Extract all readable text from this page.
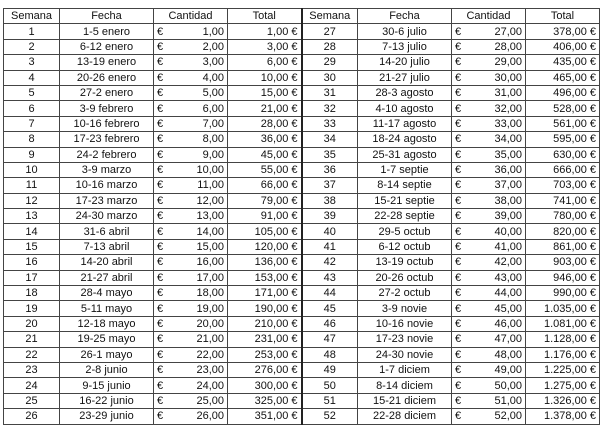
Semana	Fecha	Cantidad	Total	Semana	Fecha	Cantidad	Total
1	1-5 enero	€ 1,00	1,00 €	27	30-6 julio	€ 27,00	378,00 €
2	6-12 enero	€ 2,00	3,00 €	28	7-13 julio	€ 28,00	406,00 €
3	13-19 enero	€ 3,00	6,00 €	29	14-20 julio	€ 29,00	435,00 €
4	20-26 enero	€ 4,00	10,00 €	30	21-27 julio	€ 30,00	465,00 €
5	27-2 enero	€ 5,00	15,00 €	31	28-3 agosto	€ 31,00	496,00 €
6	3-9 febrero	€ 6,00	21,00 €	32	4-10 agosto	€ 32,00	528,00 €
7	10-16 febrero	€ 7,00	28,00 €	33	11-17 agosto	€ 33,00	561,00 €
8	17-23 febrero	€ 8,00	36,00 €	34	18-24 agosto	€ 34,00	595,00 €
9	24-2 febrero	€ 9,00	45,00 €	35	25-31 agosto	€ 35,00	630,00 €
10	3-9 marzo	€ 10,00	55,00 €	36	1-7 septie	€ 36,00	666,00 €
11	10-16 marzo	€ 11,00	66,00 €	37	8-14 septie	€ 37,00	703,00 €
12	17-23 marzo	€ 12,00	79,00 €	38	15-21 septie	€ 38,00	741,00 €
13	24-30 marzo	€ 13,00	91,00 €	39	22-28 septie	€ 39,00	780,00 €
14	31-6 abril	€ 14,00	105,00 €	40	29-5 octub	€ 40,00	820,00 €
15	7-13 abril	€ 15,00	120,00 €	41	6-12 octub	€ 41,00	861,00 €
16	14-20 abril	€ 16,00	136,00 €	42	13-19 octub	€ 42,00	903,00 €
17	21-27 abril	€ 17,00	153,00 €	43	20-26 octub	€ 43,00	946,00 €
18	28-4 mayo	€ 18,00	171,00 €	44	27-2 octub	€ 44,00	990,00 €
19	5-11 mayo	€ 19,00	190,00 €	45	3-9 novie	€ 45,00	1.035,00 €
20	12-18 mayo	€ 20,00	210,00 €	46	10-16 novie	€ 46,00	1.081,00 €
21	19-25 mayo	€ 21,00	231,00 €	47	17-23 novie	€ 47,00	1.128,00 €
22	26-1 mayo	€ 22,00	253,00 €	48	24-30 novie	€ 48,00	1.176,00 €
23	2-8 junio	€ 23,00	276,00 €	49	1-7 diciem	€ 49,00	1.225,00 €
24	9-15 junio	€ 24,00	300,00 €	50	8-14 diciem	€ 50,00	1.275,00 €
25	16-22 junio	€ 25,00	325,00 €	51	15-21 diciem	€ 51,00	1.326,00 €
26	23-29 junio	€ 26,00	351,00 €	52	22-28 diciem	€ 52,00	1.378,00 €
